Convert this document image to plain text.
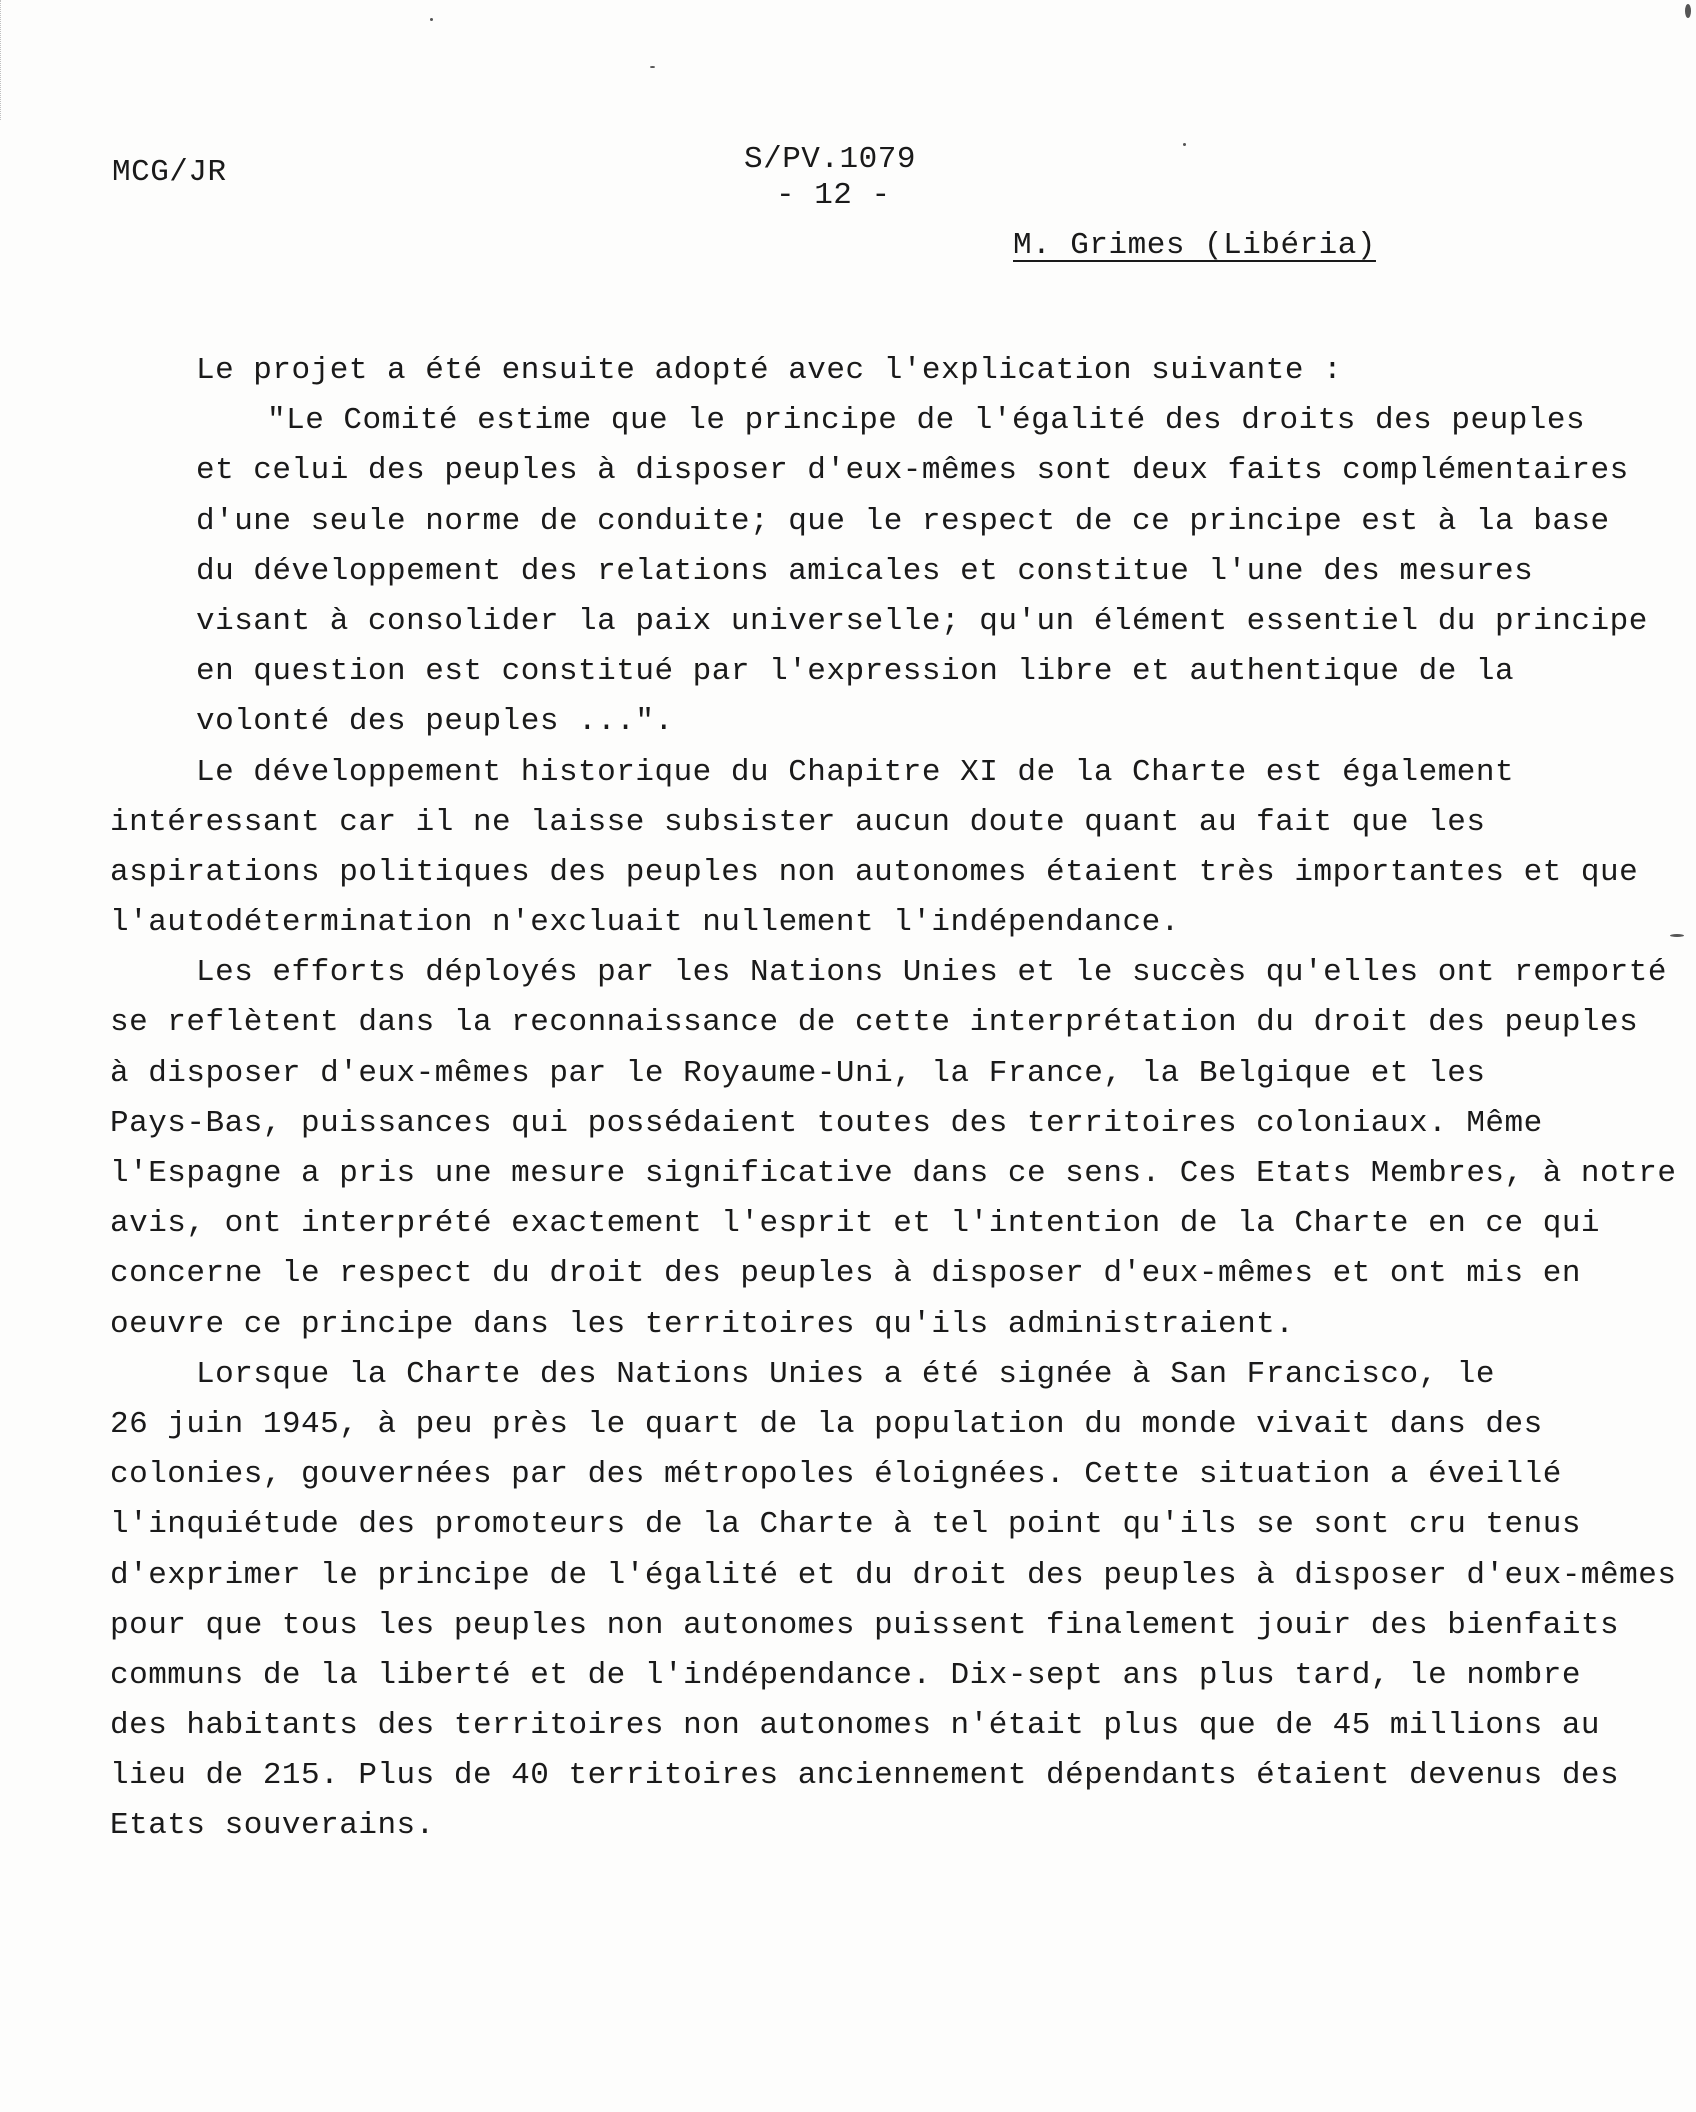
MCG/JR	S/PV.1079
- 12 -
M. Grimes (Libéria)
Le projet a été ensuite adopté avec l'explication suivante :
"Le Comité estime que le principe de l'égalité des droits des peuples
et celui des peuples à disposer d'eux-mêmes sont deux faits complémentaires
d'une seule norme de conduite; que le respect de ce principe est à la base
du développement des relations amicales et constitue l'une des mesures
visant à consolider la paix universelle; qu'un élément essentiel du principe
en question est constitué par l'expression libre et authentique de la
volonté des peuples ...".
Le développement historique du Chapitre XI de la Charte est également
intéressant car il ne laisse subsister aucun doute quant au fait que les
aspirations politiques des peuples non autonomes étaient très importantes et que
l'autodétermination n'excluait nullement l'indépendance.
Les efforts déployés par les Nations Unies et le succès qu'elles ont remporté
se reflètent dans la reconnaissance de cette interprétation du droit des peuples
à disposer d'eux-mêmes par le Royaume-Uni, la France, la Belgique et les
Pays-Bas, puissances qui possédaient toutes des territoires coloniaux. Même
l'Espagne a pris une mesure significative dans ce sens. Ces Etats Membres, à notre
avis, ont interprété exactement l'esprit et l'intention de la Charte en ce qui
concerne le respect du droit des peuples à disposer d'eux-mêmes et ont mis en
oeuvre ce principe dans les territoires qu'ils administraient.
Lorsque la Charte des Nations Unies a été signée à San Francisco, le
26 juin 1945, à peu près le quart de la population du monde vivait dans des
colonies, gouvernées par des métropoles éloignées. Cette situation a éveillé
l'inquiétude des promoteurs de la Charte à tel point qu'ils se sont cru tenus
d'exprimer le principe de l'égalité et du droit des peuples à disposer d'eux-mêmes
pour que tous les peuples non autonomes puissent finalement jouir des bienfaits
communs de la liberté et de l'indépendance. Dix-sept ans plus tard, le nombre
des habitants des territoires non autonomes n'était plus que de 45 millions au
lieu de 215. Plus de 40 territoires anciennement dépendants étaient devenus des
Etats souverains.
